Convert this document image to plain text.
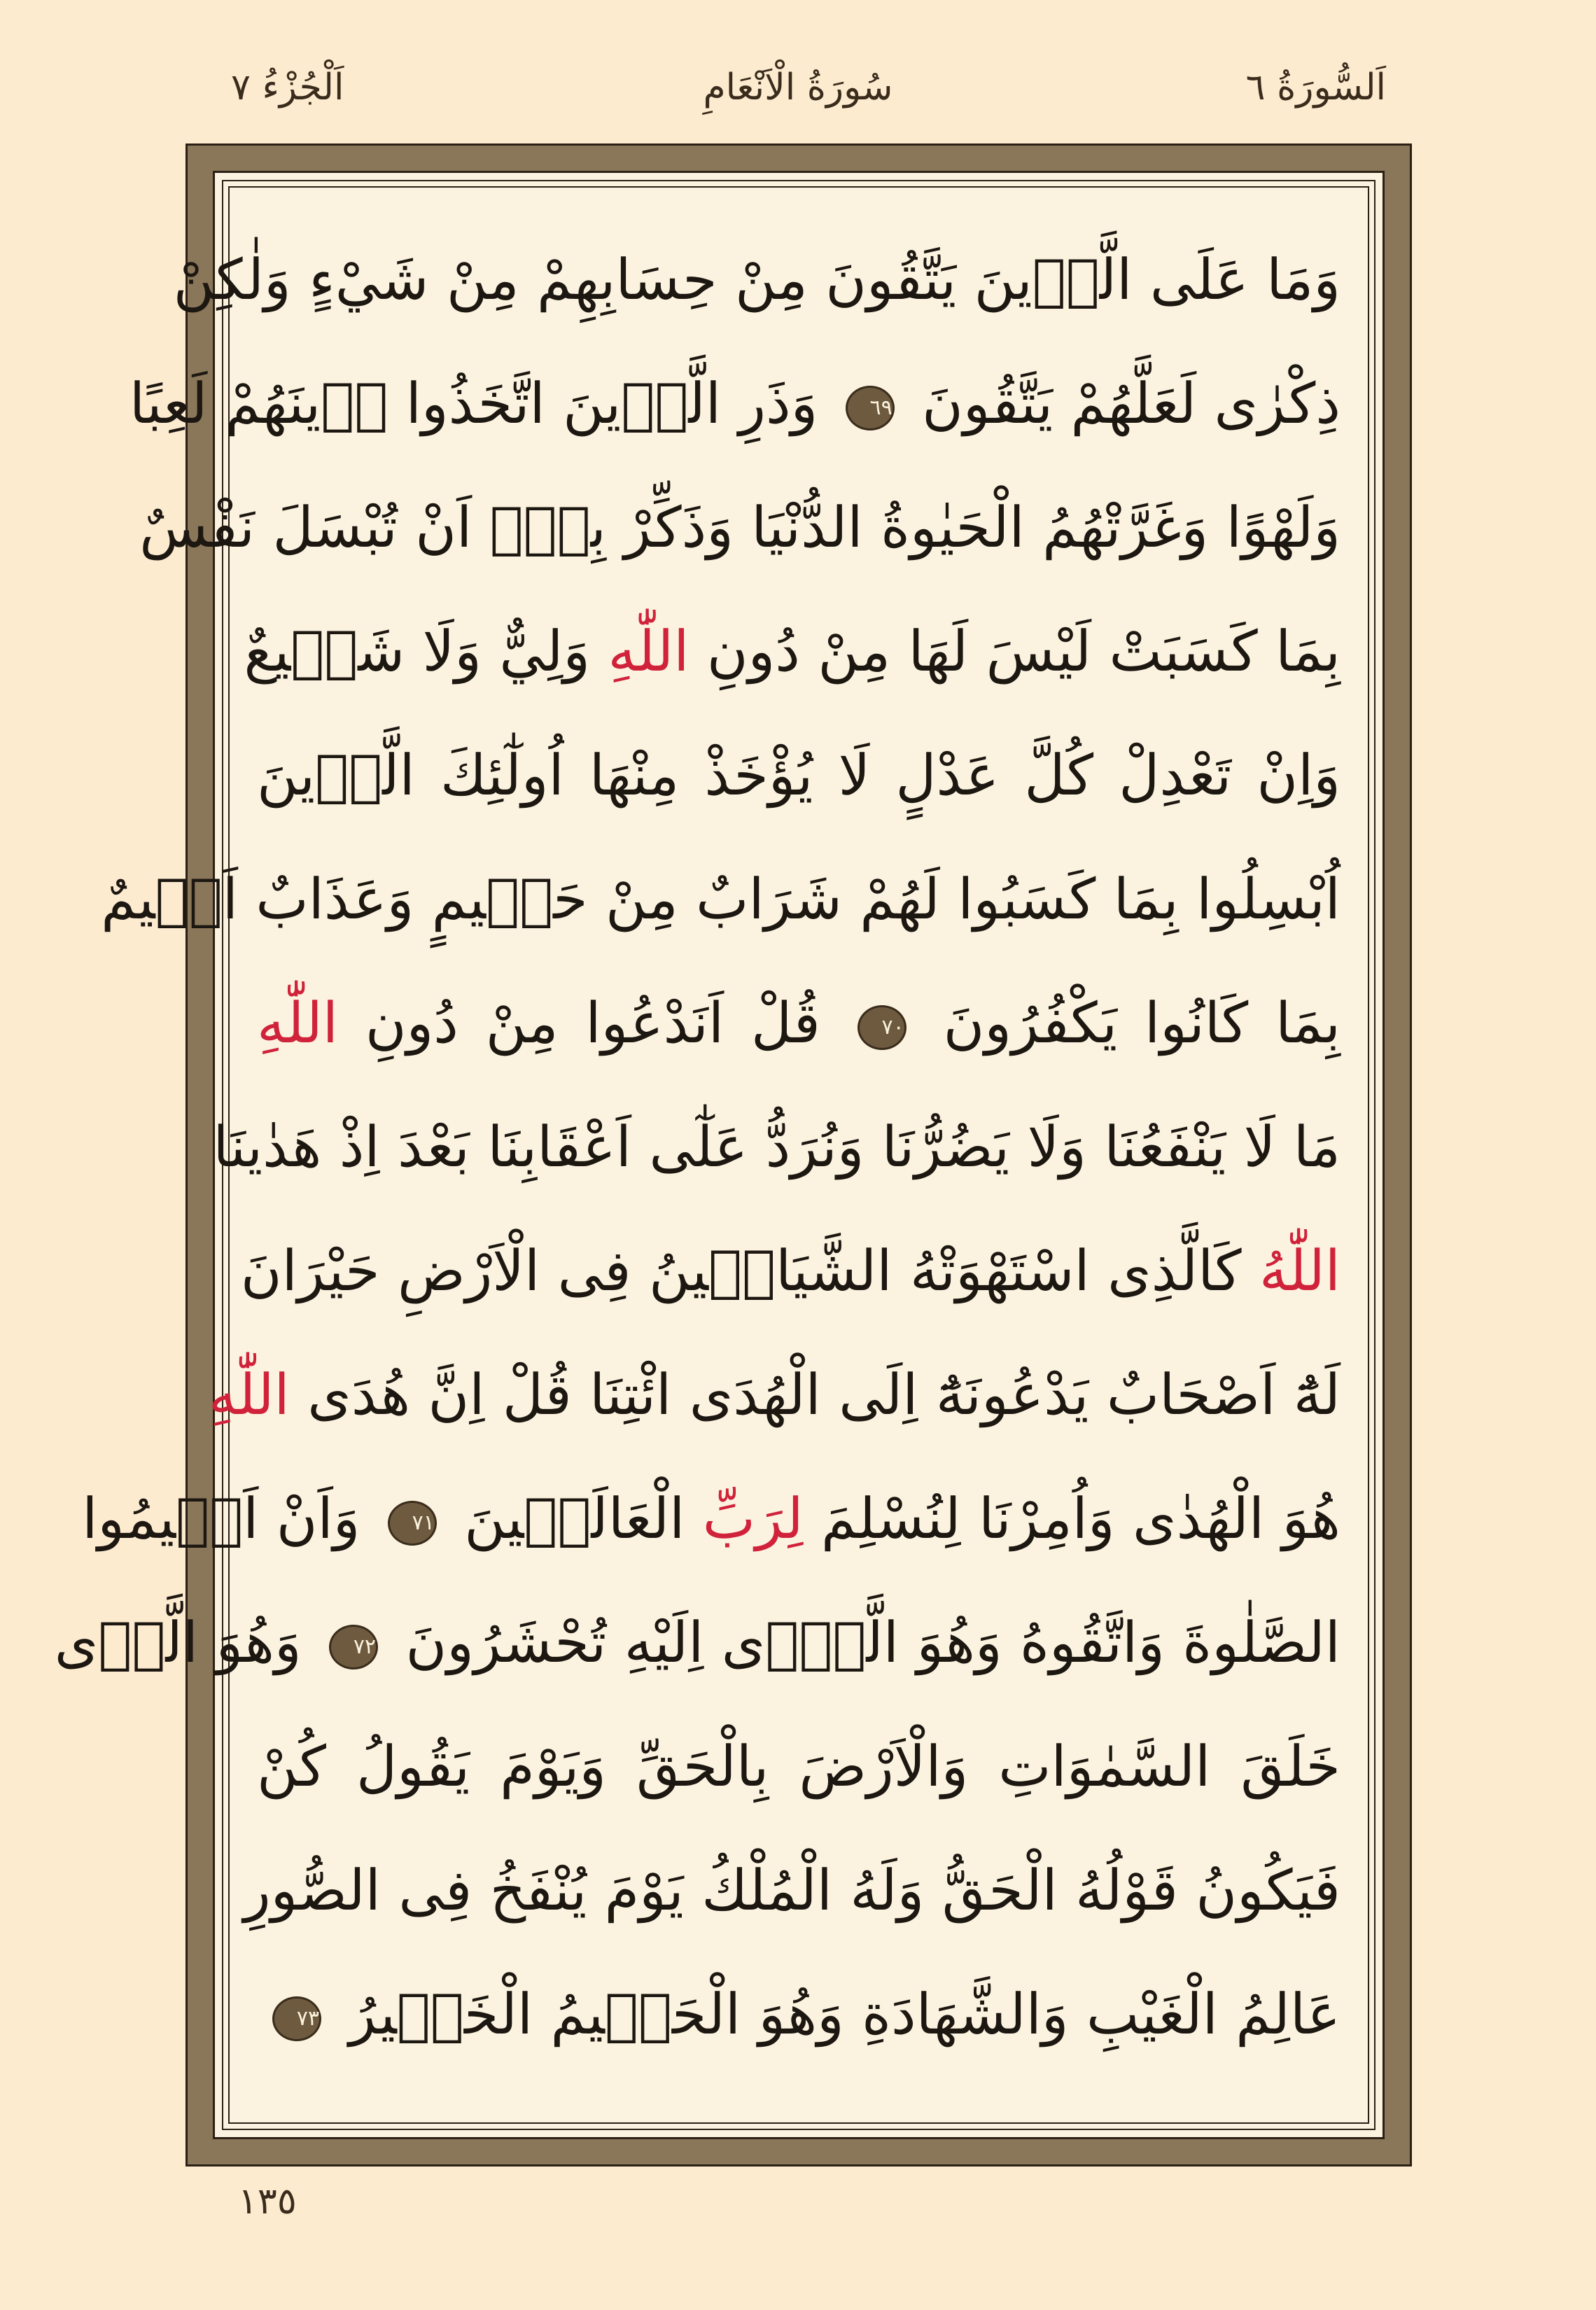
اَلسُّورَةُ ٦
سُورَةُ الْاَنْعَامِ
اَلْجُزْءُ ٧
وَمَا عَلَى الَّذٖينَ يَتَّقُونَ مِنْ حِسَابِهِمْ مِنْ شَيْءٍ وَلٰكِنْ
ذِكْرٰى لَعَلَّهُمْ يَتَّقُونَ ٦٩ وَذَرِ الَّذٖينَ اتَّخَذُوا دٖينَهُمْ لَعِبًا
وَلَهْوًا وَغَرَّتْهُمُ الْحَيٰوةُ الدُّنْيَا وَذَكِّرْ بِهٖٓ اَنْ تُبْسَلَ نَفْسٌ
بِمَا كَسَبَتْ لَيْسَ لَهَا مِنْ دُونِ اللّٰهِ وَلِيٌّ وَلَا شَفٖيعٌ
وَاِنْ تَعْدِلْ كُلَّ عَدْلٍ لَا يُؤْخَذْ مِنْهَا اُولٰٓئِكَ الَّذٖينَ
اُبْسِلُوا بِمَا كَسَبُوا لَهُمْ شَرَابٌ مِنْ حَمٖيمٍ وَعَذَابٌ اَلٖيمٌ
بِمَا كَانُوا يَكْفُرُونَ ٧٠ قُلْ اَنَدْعُوا مِنْ دُونِ اللّٰهِ
مَا لَا يَنْفَعُنَا وَلَا يَضُرُّنَا وَنُرَدُّ عَلٰٓى اَعْقَابِنَا بَعْدَ اِذْ هَدٰينَا
اللّٰهُ كَالَّذِى اسْتَهْوَتْهُ الشَّيَاطٖينُ فِى الْاَرْضِ حَيْرَانَ
لَهُٓ اَصْحَابٌ يَدْعُونَهُٓ اِلَى الْهُدَى ائْتِنَا قُلْ اِنَّ هُدَى اللّٰهِ
هُوَ الْهُدٰى وَاُمِرْنَا لِنُسْلِمَ لِرَبِّ الْعَالَمٖينَ ٧١ وَاَنْ اَقٖيمُوا
الصَّلٰوةَ وَاتَّقُوهُ وَهُوَ الَّذٖٓى اِلَيْهِ تُحْشَرُونَ ٧٢ وَهُوَ الَّذٖى
خَلَقَ السَّمٰوَاتِ وَالْاَرْضَ بِالْحَقِّ وَيَوْمَ يَقُولُ كُنْ
فَيَكُونُ قَوْلُهُ الْحَقُّ وَلَهُ الْمُلْكُ يَوْمَ يُنْفَخُ فِى الصُّورِ
عَالِمُ الْغَيْبِ وَالشَّهَادَةِ وَهُوَ الْحَكٖيمُ الْخَبٖيرُ ٧٣
١٣٥
